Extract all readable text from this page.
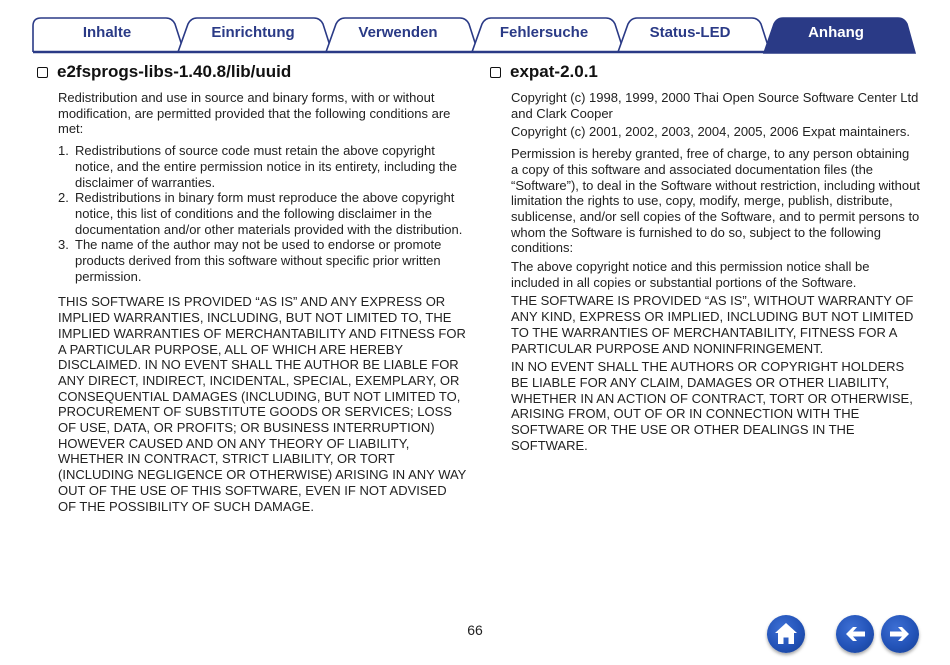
Inhalte	Einrichtung	Verwenden	Fehlersuche	Status-LED	Anhang
e2fsprogs-libs-1.40.8/lib/uuid

Redistribution and use in source and binary forms, with or without modification, are permitted provided that the following conditions are met:

1. Redistributions of source code must retain the above copyright notice, and the entire permission notice in its entirety, including the disclaimer of warranties.
2. Redistributions in binary form must reproduce the above copyright notice, this list of conditions and the following disclaimer in the documentation and/or other materials provided with the distribution.
3. The name of the author may not be used to endorse or promote products derived from this software without specific prior written permission.

THIS SOFTWARE IS PROVIDED “AS IS” AND ANY EXPRESS OR IMPLIED WARRANTIES, INCLUDING, BUT NOT LIMITED TO, THE IMPLIED WARRANTIES OF MERCHANTABILITY AND FITNESS FOR A PARTICULAR PURPOSE, ALL OF WHICH ARE HEREBY DISCLAIMED. IN NO EVENT SHALL THE AUTHOR BE LIABLE FOR ANY DIRECT, INDIRECT, INCIDENTAL, SPECIAL, EXEMPLARY, OR CONSEQUENTIAL DAMAGES (INCLUDING, BUT NOT LIMITED TO, PROCUREMENT OF SUBSTITUTE GOODS OR SERVICES; LOSS OF USE, DATA, OR PROFITS; OR BUSINESS INTERRUPTION) HOWEVER CAUSED AND ON ANY THEORY OF LIABILITY, WHETHER IN CONTRACT, STRICT LIABILITY, OR TORT (INCLUDING NEGLIGENCE OR OTHERWISE) ARISING IN ANY WAY OUT OF THE USE OF THIS SOFTWARE, EVEN IF NOT ADVISED OF THE POSSIBILITY OF SUCH DAMAGE.

expat-2.0.1

Copyright (c) 1998, 1999, 2000 Thai Open Source Software Center Ltd and Clark Cooper

Copyright (c) 2001, 2002, 2003, 2004, 2005, 2006 Expat maintainers.

Permission is hereby granted, free of charge, to any person obtaining a copy of this software and associated documentation files (the “Software”), to deal in the Software without restriction, including without limitation the rights to use, copy, modify, merge, publish, distribute, sublicense, and/or sell copies of the Software, and to permit persons to whom the Software is furnished to do so, subject to the following conditions:

The above copyright notice and this permission notice shall be included in all copies or substantial portions of the Software.

THE SOFTWARE IS PROVIDED “AS IS”, WITHOUT WARRANTY OF ANY KIND, EXPRESS OR IMPLIED, INCLUDING BUT NOT LIMITED TO THE WARRANTIES OF MERCHANTABILITY, FITNESS FOR A PARTICULAR PURPOSE AND NONINFRINGEMENT.

IN NO EVENT SHALL THE AUTHORS OR COPYRIGHT HOLDERS BE LIABLE FOR ANY CLAIM, DAMAGES OR OTHER LIABILITY, WHETHER IN AN ACTION OF CONTRACT, TORT OR OTHERWISE, ARISING FROM, OUT OF OR IN CONNECTION WITH THE SOFTWARE OR THE USE OR OTHER DEALINGS IN THE SOFTWARE.

66
